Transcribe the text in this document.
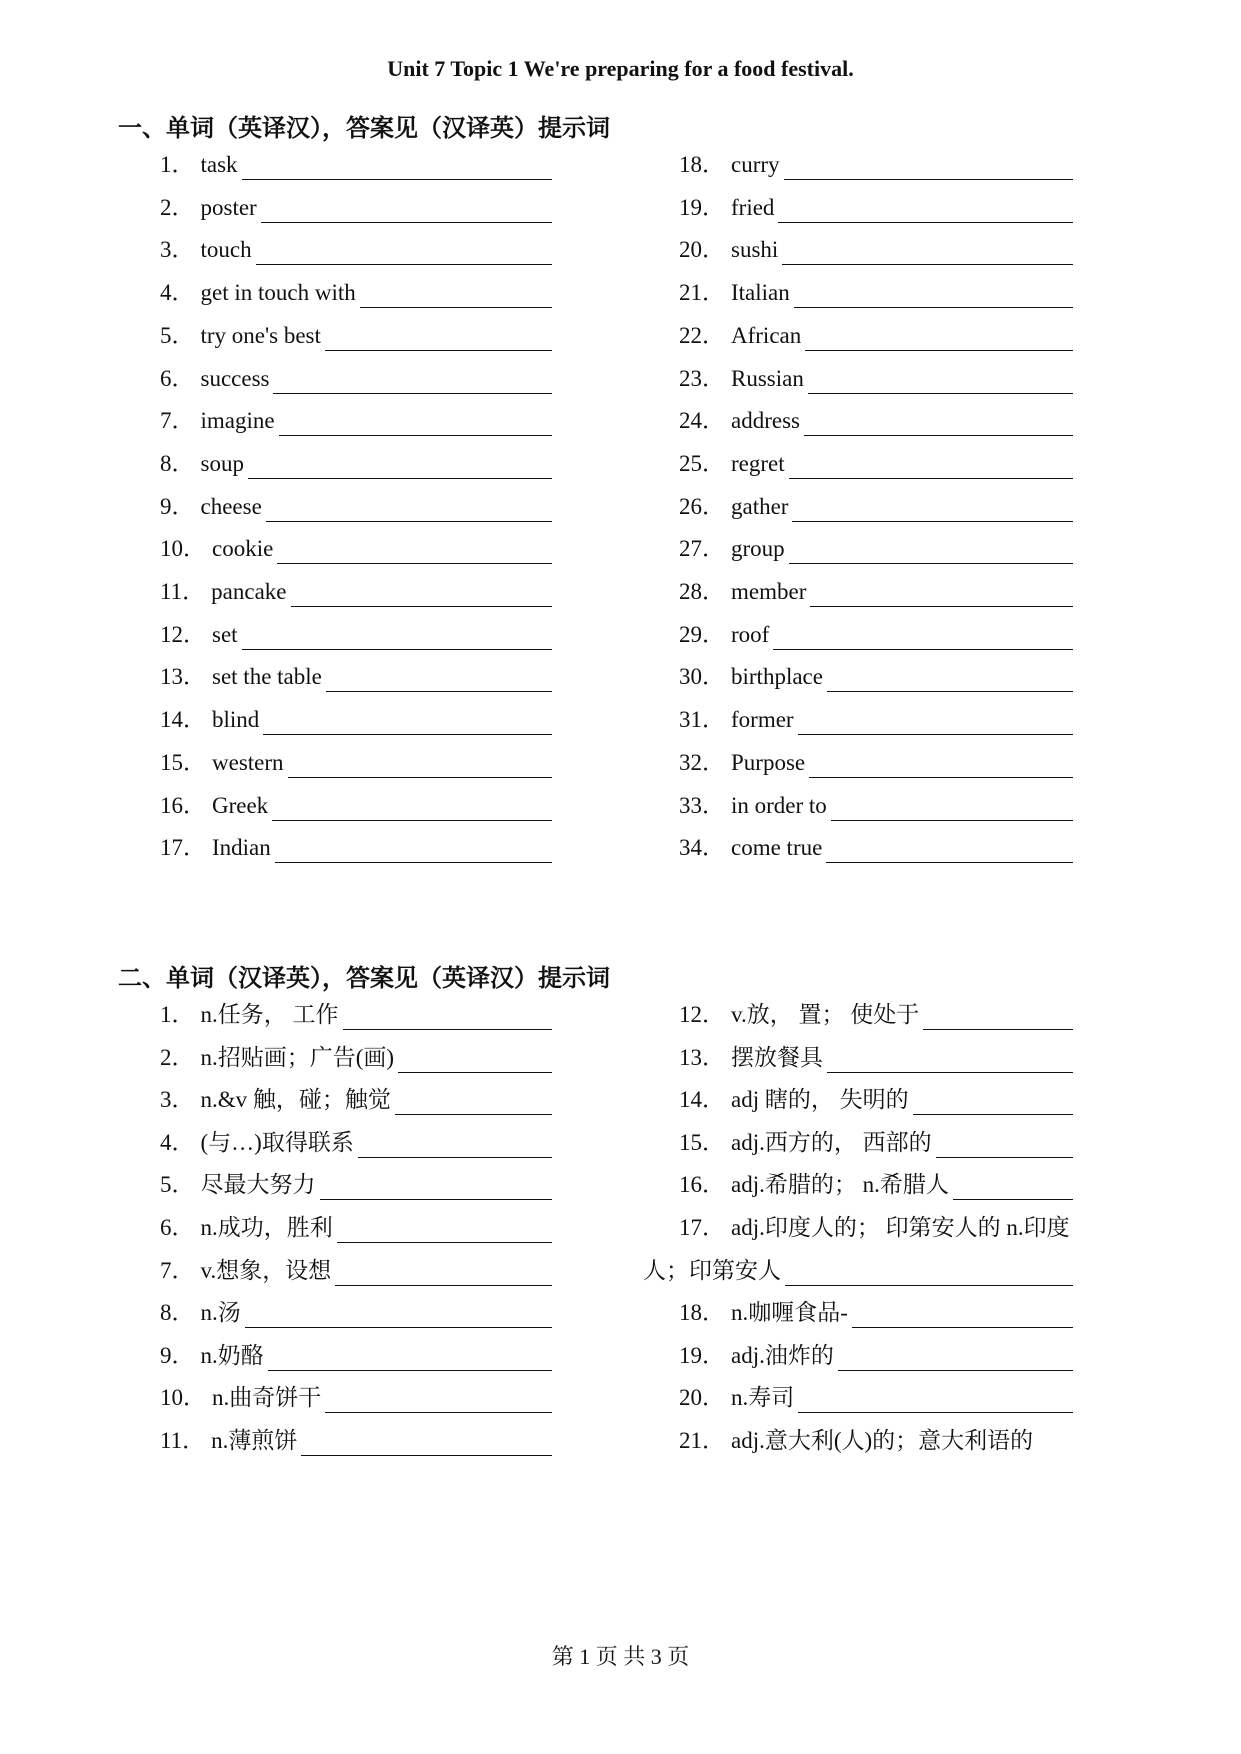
Unit 7 Topic 1 We're preparing for a food festival.
一、单词（英译汉），答案见（汉译英）提示词
1． task
2． poster
3． touch
4． get in touch with
5． try one's best
6． success
7． imagine
8． soup
9． cheese
10． cookie
11． pancake
12． set
13． set the table
14． blind
15． western
16． Greek
17． Indian
18． curry
19． fried
20． sushi
21． Italian
22． African
23． Russian
24． address
25． regret
26． gather
27． group
28． member
29． roof
30． birthplace
31． former
32． Purpose
33． in order to
34． come true
二、单词（汉译英），答案见（英译汉）提示词
1． n.任务， 工作
2． n.招贴画；广告(画)
3． n.&v 触，碰；触觉
4． (与…)取得联系
5． 尽最大努力
6． n.成功，胜利
7． v.想象，设想
8． n.汤
9． n.奶酪
10． n.曲奇饼干
11． n.薄煎饼
12． v.放， 置； 使处于
13． 摆放餐具
14． adj 瞎的， 失明的
15． adj.西方的， 西部的
16． adj.希腊的； n.希腊人
17． adj.印度人的； 印第安人的 n.印度
人；印第安人
18． n.咖喱食品-
19． adj.油炸的
20． n.寿司
21． adj.意大利(人)的；意大利语的
第 1 页 共 3 页
